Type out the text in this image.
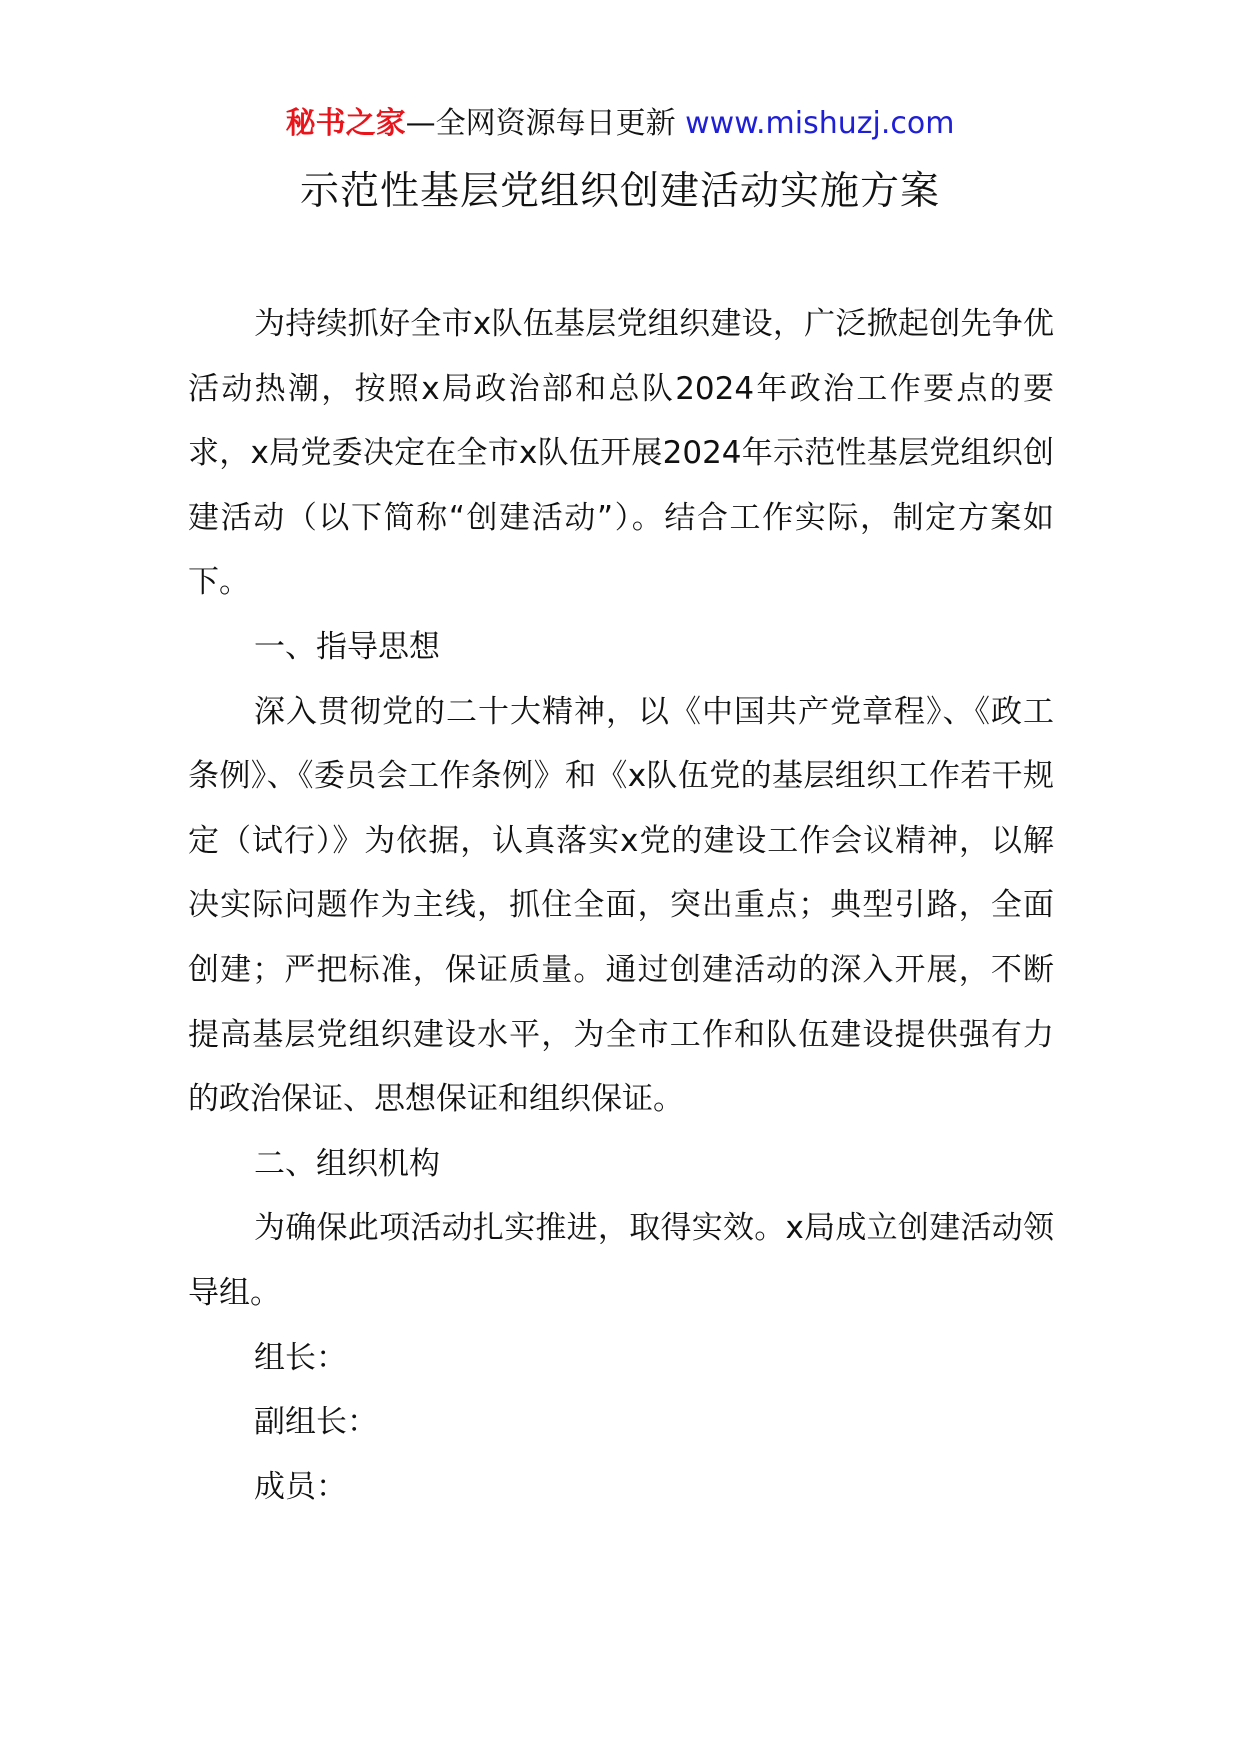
秘书之家—全网资源每日更新 www.mishuzj.com
示范性基层党组织创建活动实施方案

为持续抓好全市x队伍基层党组织建设，广泛掀起创先争优活动热潮，按照x局政治部和总队2024年政治工作要点的要求，x局党委决定在全市x队伍开展2024年示范性基层党组织创建活动（以下简称“创建活动”）。结合工作实际，制定方案如下。

一、指导思想

深入贯彻党的二十大精神，以《中国共产党章程》、《政工条例》、《委员会工作条例》和《x队伍党的基层组织工作若干规定（试行）》为依据，认真落实x党的建设工作会议精神，以解决实际问题作为主线，抓住全面，突出重点；典型引路，全面创建；严把标准，保证质量。通过创建活动的深入开展，不断提高基层党组织建设水平，为全市工作和队伍建设提供强有力的政治保证、思想保证和组织保证。

二、组织机构

为确保此项活动扎实推进，取得实效。x局成立创建活动领导组。

组长：

副组长：

成员：
